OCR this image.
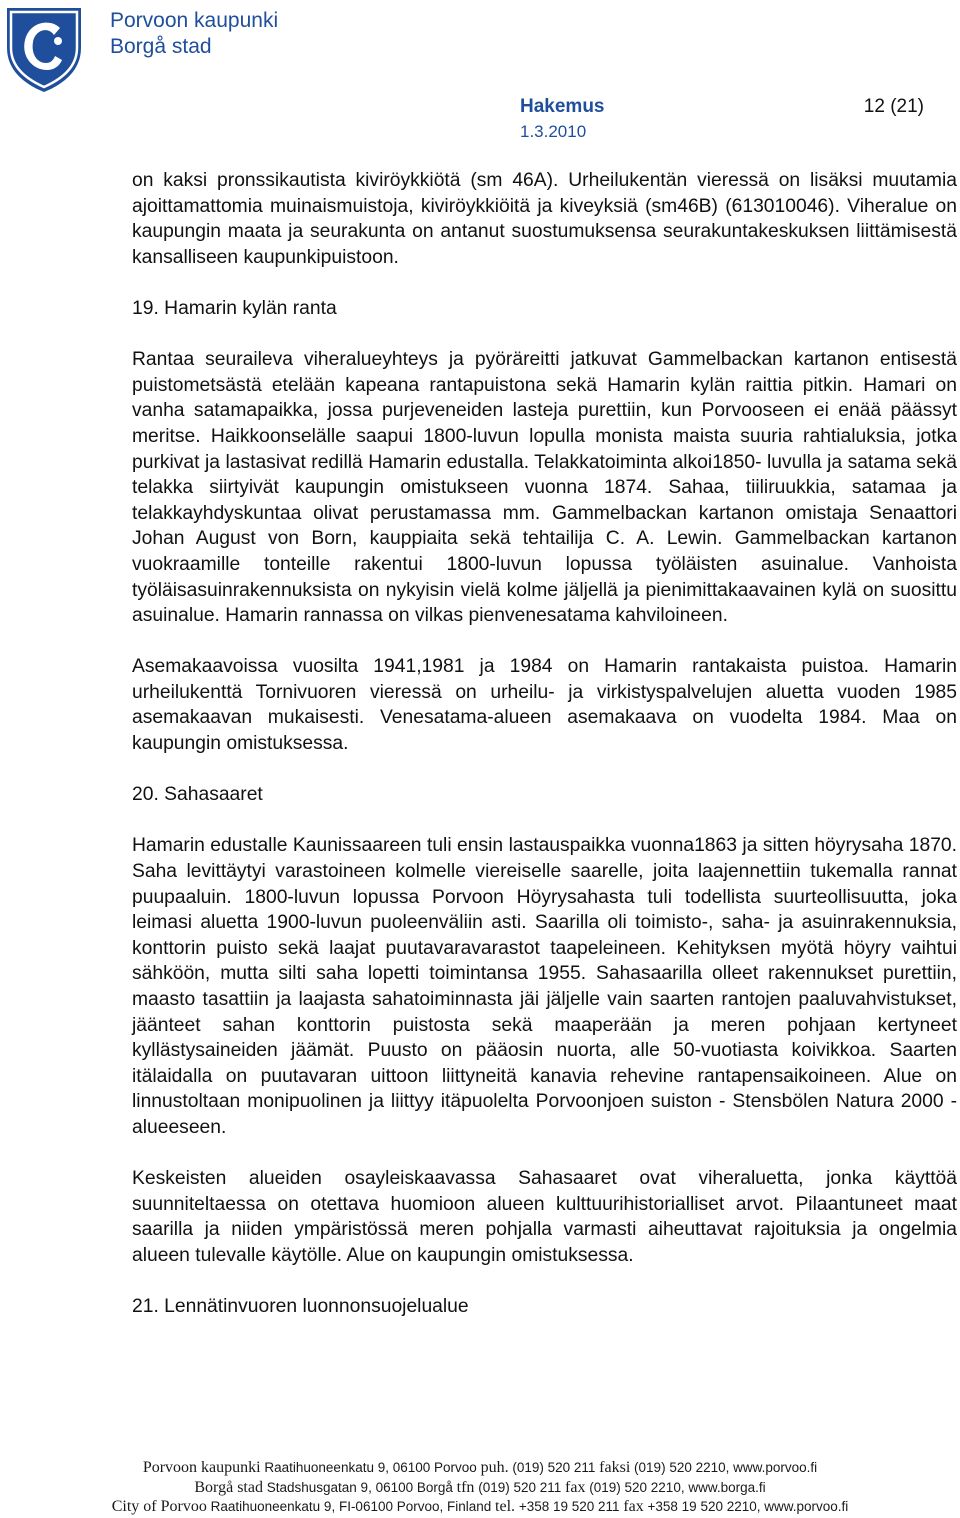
Porvoon kaupunki
Borgå stad
Hakemus
1.3.2010
12 (21)

on kaksi pronssikautista kiviröykkiötä (sm 46A). Urheilukentän vieressä on lisäksi muutamia ajoittamattomia muinaismuistoja, kiviröykkiöitä ja kiveyksiä (sm46B) (613010046). Viheralue on kaupungin maata ja seurakunta on antanut suostumuksensa seurakuntakeskuksen liittämisestä kansalliseen kaupunkipuistoon.

19. Hamarin kylän ranta

Rantaa seuraileva viheralueyhteys ja pyöräreitti jatkuvat Gammelbackan kartanon entisestä puistometsästä etelään kapeana rantapuistona sekä Hamarin kylän raittia pitkin. Hamari on vanha satamapaikka, jossa purjeveneiden lasteja purettiin, kun Porvooseen ei enää päässyt meritse. Haikkoonselälle saapui 1800-luvun lopulla monista maista suuria rahtialuksia, jotka purkivat ja lastasivat redillä Hamarin edustalla. Telakkatoiminta alkoi1850- luvulla ja satama sekä telakka siirtyivät kaupungin omistukseen vuonna 1874. Sahaa, tiiliruukkia, satamaa ja telakkayhdyskuntaa olivat perustamassa mm. Gammelbackan kartanon omistaja Senaattori Johan August von Born, kauppiaita sekä tehtailija C. A. Lewin. Gammelbackan kartanon vuokraamille tonteille rakentui 1800-luvun lopussa työläisten asuinalue. Vanhoista työläisasuinrakennuksista on nykyisin vielä kolme jäljellä ja pienimittakaavainen kylä on suosittu asuinalue. Hamarin rannassa on vilkas pienvenesatama kahviloineen.

Asemakaavoissa vuosilta 1941,1981 ja 1984 on Hamarin rantakaista puistoa. Hamarin urheilukenttä Tornivuoren vieressä on urheilu- ja virkistyspalvelujen aluetta vuoden 1985 asemakaavan mukaisesti. Venesatama-alueen asemakaava on vuodelta 1984. Maa on kaupungin omistuksessa.

20. Sahasaaret

Hamarin edustalle Kaunissaareen tuli ensin lastauspaikka vuonna1863 ja sitten höyrysaha 1870. Saha levittäytyi varastoineen kolmelle viereiselle saarelle, joita laajennettiin tukemalla rannat puupaaluin. 1800-luvun lopussa Porvoon Höyrysahasta tuli todellista suurteollisuutta, joka leimasi aluetta 1900-luvun puoleenväliin asti. Saarilla oli toimisto-, saha- ja asuinrakennuksia, konttorin puisto sekä laajat puutavaravarastot taapeleineen. Kehityksen myötä höyry vaihtui sähköön, mutta silti saha lopetti toimintansa 1955. Sahasaarilla olleet rakennukset purettiin, maasto tasattiin ja laajasta sahatoiminnasta jäi jäljelle vain saarten rantojen paaluvahvistukset, jäänteet sahan konttorin puistosta sekä maaperään ja meren pohjaan kertyneet kyllästysaineiden jäämät. Puusto on pääosin nuorta, alle 50-vuotiasta koivikkoa. Saarten itälaidalla on puutavaran uittoon liittyneitä kanavia rehevine rantapensaikoineen. Alue on linnustoltaan monipuolinen ja liittyy itäpuolelta Porvoonjoen suiston - Stensbölen Natura 2000 -alueeseen.

Keskeisten alueiden osayleiskaavassa Sahasaaret ovat viheraluetta, jonka käyttöä suunniteltaessa on otettava huomioon alueen kulttuurihistorialliset arvot. Pilaantuneet maat saarilla ja niiden ympäristössä meren pohjalla varmasti aiheuttavat rajoituksia ja ongelmia alueen tulevalle käytölle. Alue on kaupungin omistuksessa.

21. Lennätinvuoren luonnonsuojelualue

Porvoon kaupunki Raatihuoneenkatu 9, 06100 Porvoo puh. (019) 520 211 faksi (019) 520 2210, www.porvoo.fi
Borgå stad Stadshusgatan 9, 06100 Borgå tfn (019) 520 211 fax (019) 520 2210, www.borga.fi
City of Porvoo Raatihuoneenkatu 9, FI-06100 Porvoo, Finland tel. +358 19 520 211 fax +358 19 520 2210, www.porvoo.fi
